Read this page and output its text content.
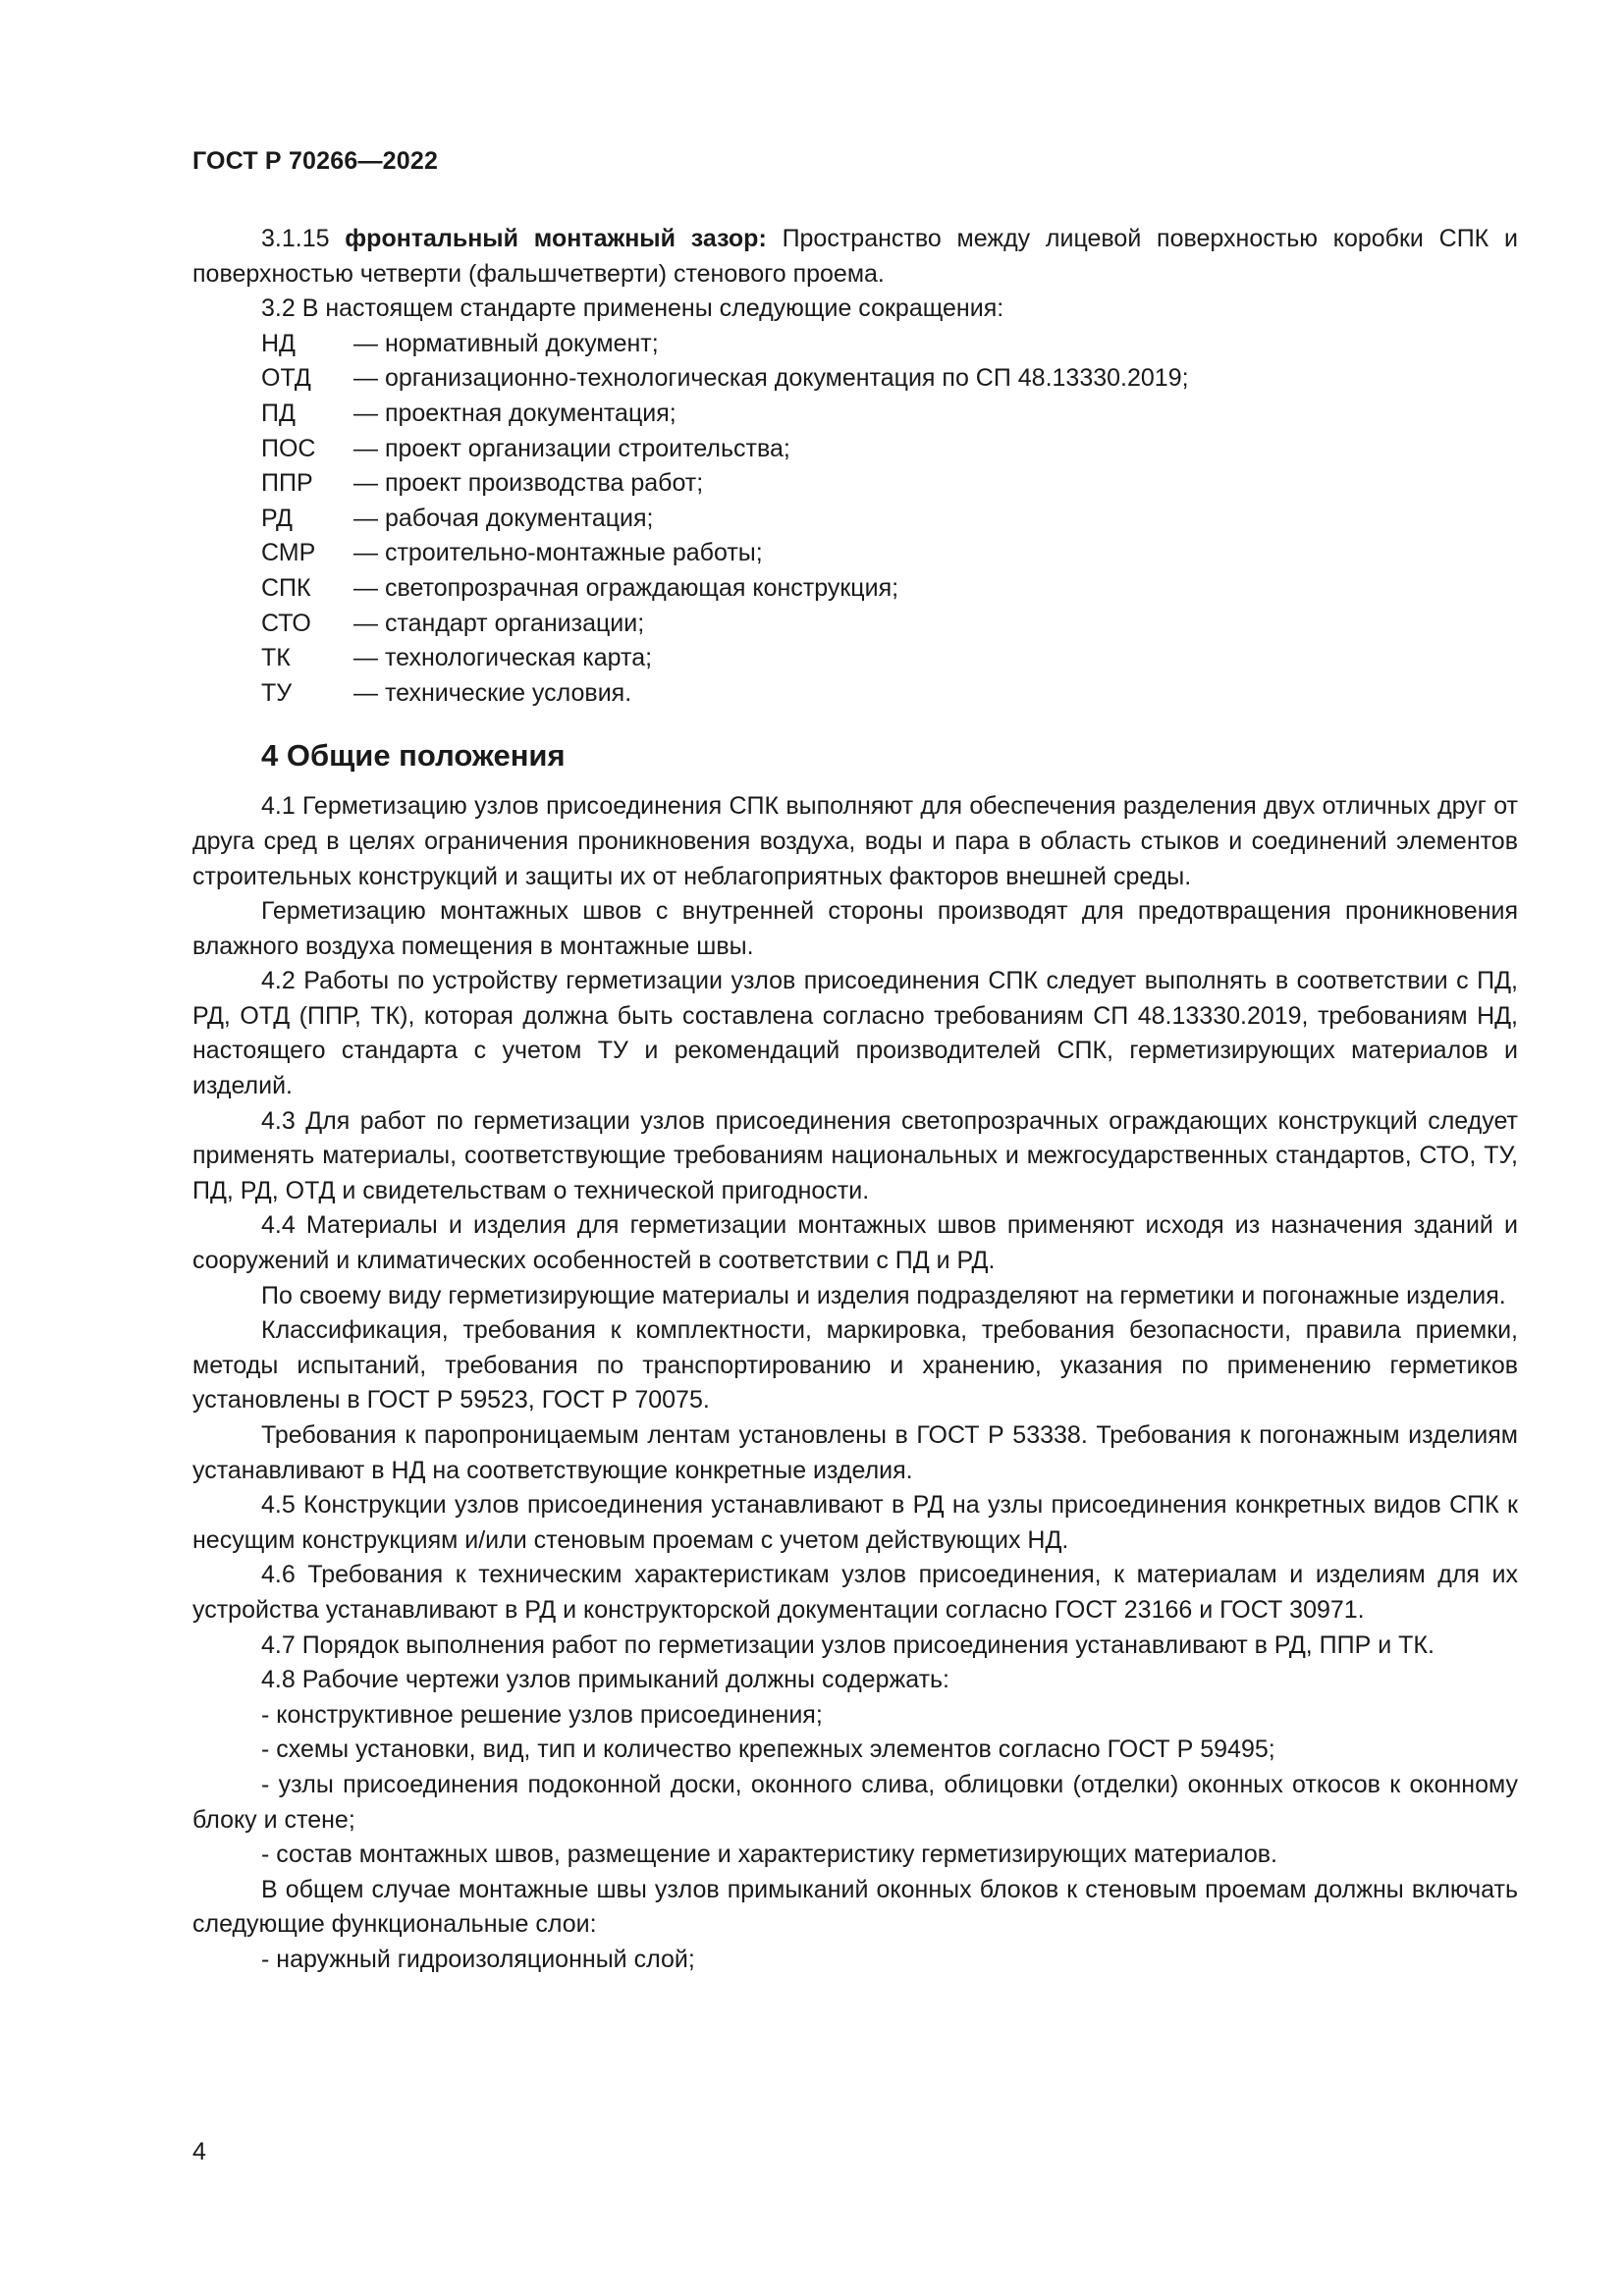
ГОСТ Р 70266—2022

3.1.15 фронтальный монтажный зазор: Пространство между лицевой поверхностью коробки СПК и поверхностью четверти (фальшчетверти) стенового проема.

3.2 В настоящем стандарте применены следующие сокращения:

НД	— нормативный документ;
ОТД	— организационно-технологическая документация по СП 48.13330.2019;
ПД	— проектная документация;
ПОС	— проект организации строительства;
ППР	— проект производства работ;
РД	— рабочая документация;
СМР	— строительно-монтажные работы;
СПК	— светопрозрачная ограждающая конструкция;
СТО	— стандарт организации;
ТК	— технологическая карта;
ТУ	— технические условия.
4 Общие положения

4.1 Герметизацию узлов присоединения СПК выполняют для обеспечения разделения двух отличных друг от друга сред в целях ограничения проникновения воздуха, воды и пара в область стыков и соединений элементов строительных конструкций и защиты их от неблагоприятных факторов внешней среды.

Герметизацию монтажных швов с внутренней стороны производят для предотвращения проникновения влажного воздуха помещения в монтажные швы.

4.2 Работы по устройству герметизации узлов присоединения СПК следует выполнять в соответствии с ПД, РД, ОТД (ППР, ТК), которая должна быть составлена согласно требованиям СП 48.13330.2019, требованиям НД, настоящего стандарта с учетом ТУ и рекомендаций производителей СПК, герметизирующих материалов и изделий.

4.3 Для работ по герметизации узлов присоединения светопрозрачных ограждающих конструкций следует применять материалы, соответствующие требованиям национальных и межгосударственных стандартов, СТО, ТУ, ПД, РД, ОТД и свидетельствам о технической пригодности.

4.4 Материалы и изделия для герметизации монтажных швов применяют исходя из назначения зданий и сооружений и климатических особенностей в соответствии с ПД и РД.

По своему виду герметизирующие материалы и изделия подразделяют на герметики и погонажные изделия.

Классификация, требования к комплектности, маркировка, требования безопасности, правила приемки, методы испытаний, требования по транспортированию и хранению, указания по применению герметиков установлены в ГОСТ Р 59523, ГОСТ Р 70075.

Требования к паропроницаемым лентам установлены в ГОСТ Р 53338. Требования к погонажным изделиям устанавливают в НД на соответствующие конкретные изделия.

4.5 Конструкции узлов присоединения устанавливают в РД на узлы присоединения конкретных видов СПК к несущим конструкциям и/или стеновым проемам с учетом действующих НД.

4.6 Требования к техническим характеристикам узлов присоединения, к материалам и изделиям для их устройства устанавливают в РД и конструкторской документации согласно ГОСТ 23166 и ГОСТ 30971.

4.7 Порядок выполнения работ по герметизации узлов присоединения устанавливают в РД, ППР и ТК.

4.8 Рабочие чертежи узлов примыканий должны содержать:

- конструктивное решение узлов присоединения;

- схемы установки, вид, тип и количество крепежных элементов согласно ГОСТ Р 59495;

- узлы присоединения подоконной доски, оконного слива, облицовки (отделки) оконных откосов к оконному блоку и стене;

- состав монтажных швов, размещение и характеристику герметизирующих материалов.

В общем случае монтажные швы узлов примыканий оконных блоков к стеновым проемам должны включать следующие функциональные слои:

- наружный гидроизоляционный слой;

4
